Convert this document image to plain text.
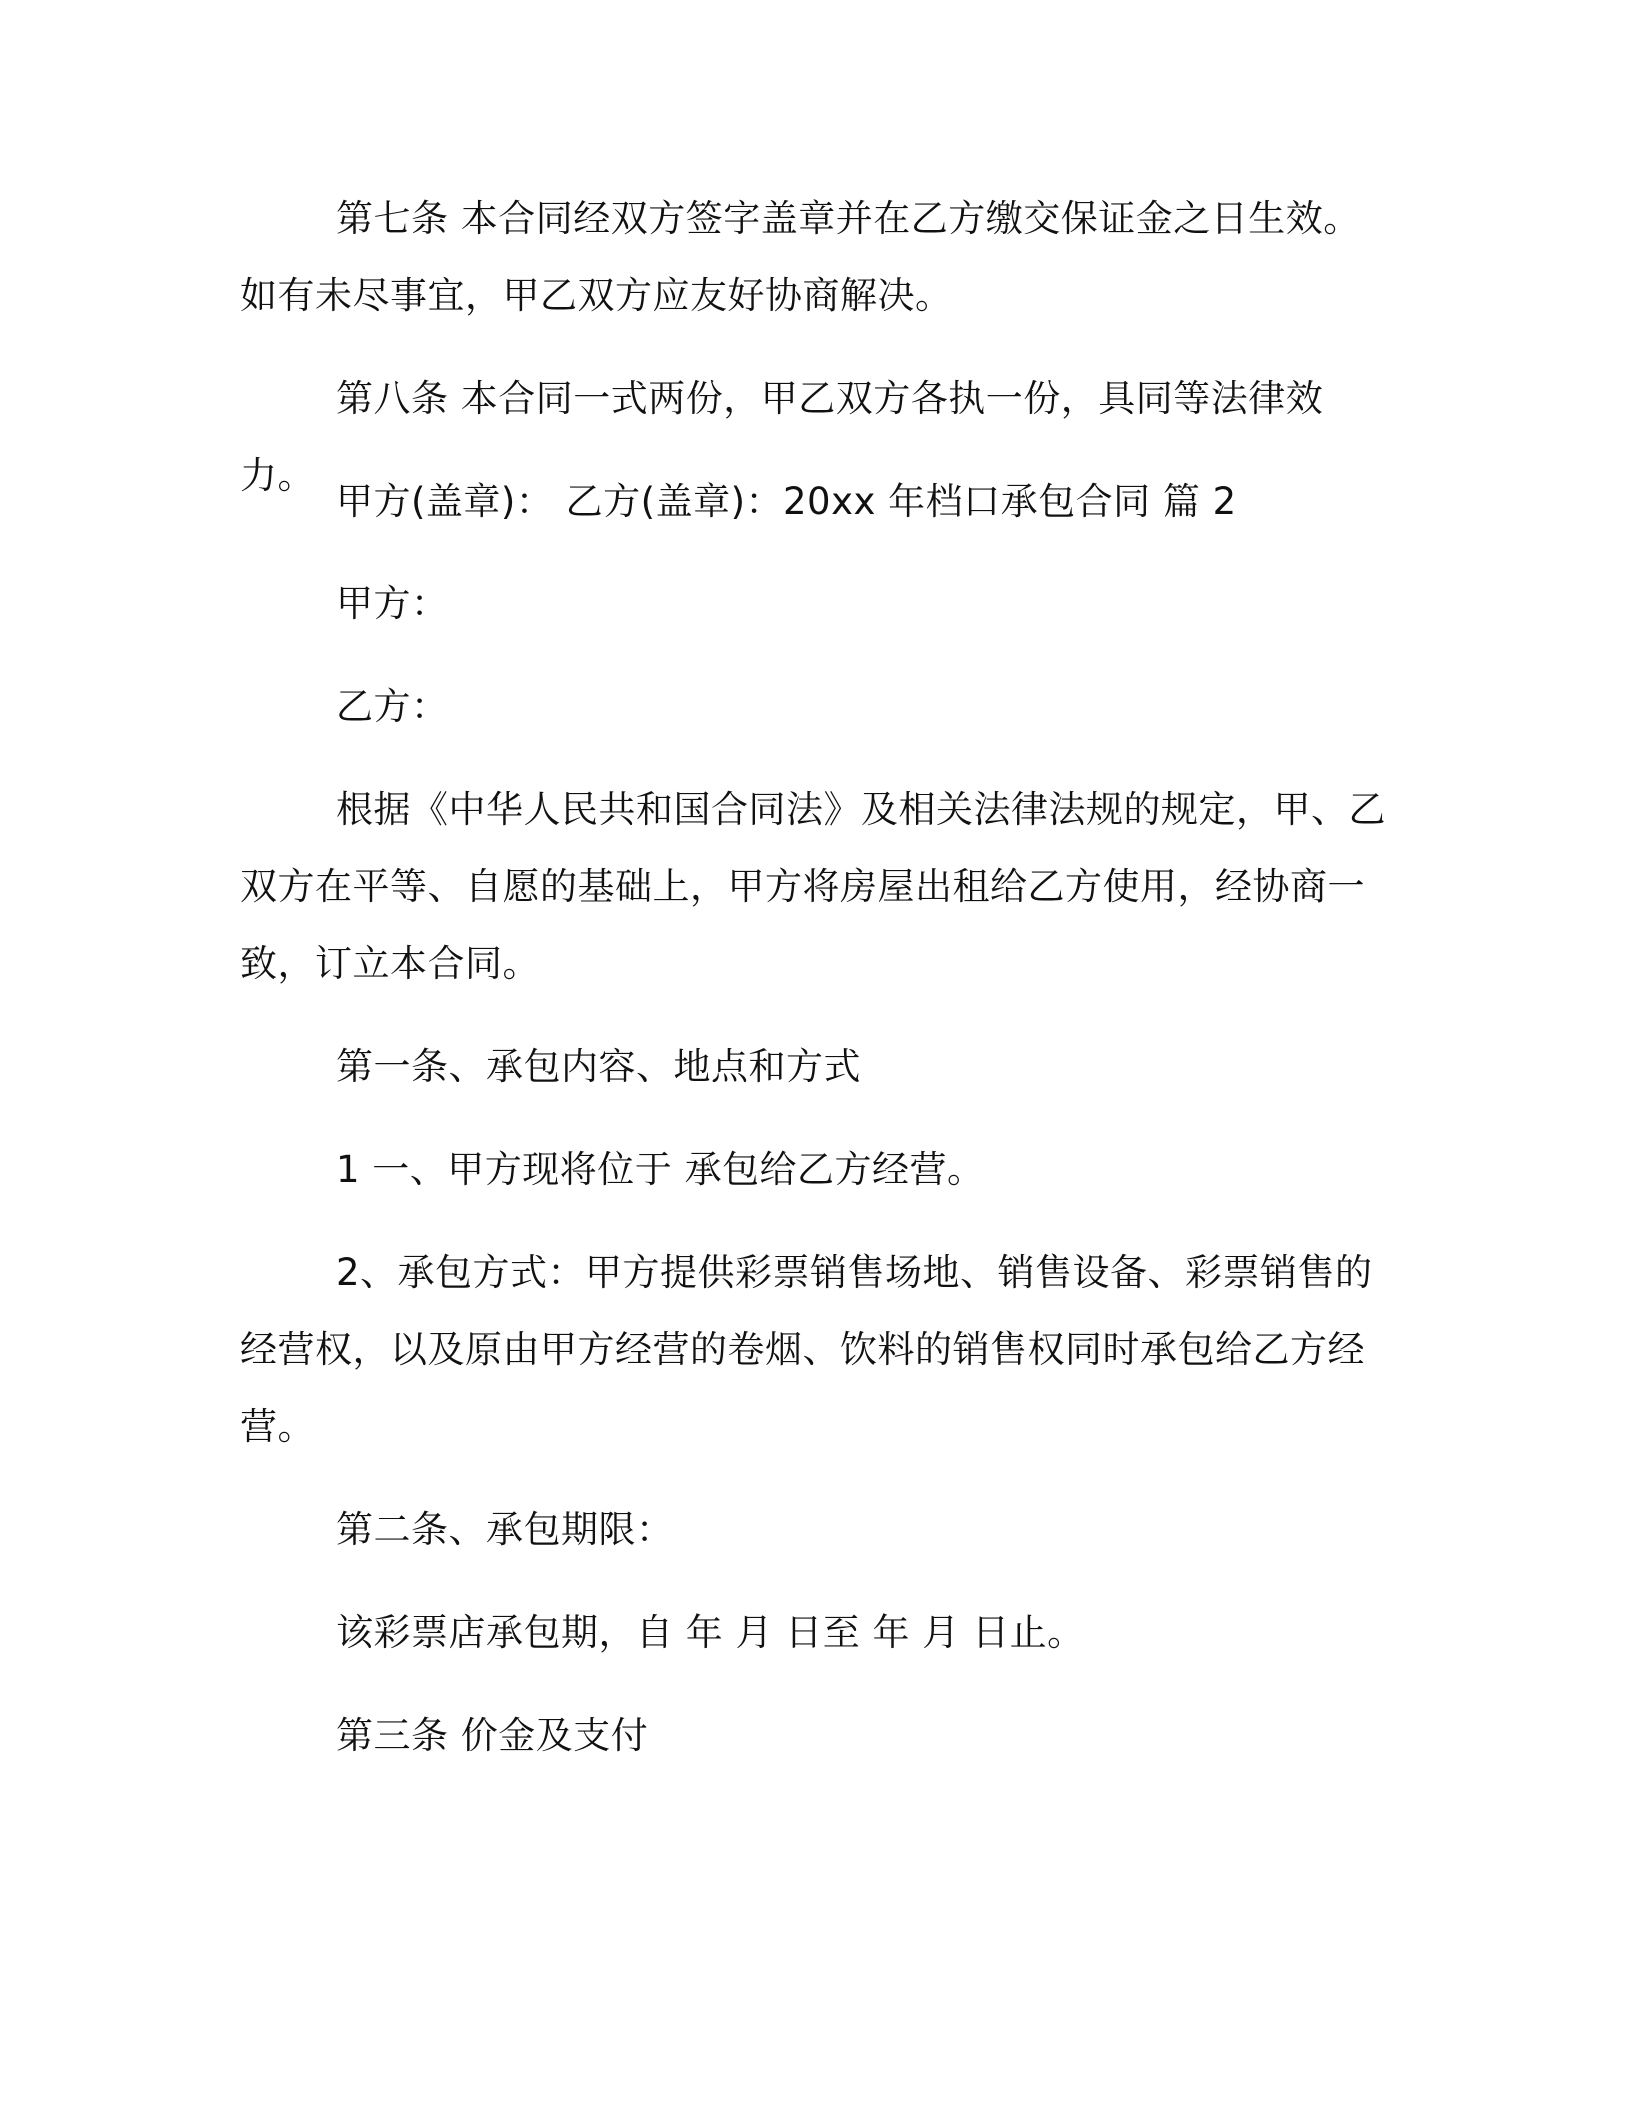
第七条 本合同经双方签字盖章并在乙方缴交保证金之日生效。如有未尽事宜，甲乙双方应友好协商解决。

第八条 本合同一式两份，甲乙双方各执一份，具同等法律效力。

甲方(盖章)： 乙方(盖章)：20xx 年档口承包合同 篇 2

甲方：

乙方：

根据《中华人民共和国合同法》及相关法律法规的规定，甲、乙双方在平等、自愿的基础上，甲方将房屋出租给乙方使用，经协商一致，订立本合同。

第一条、承包内容、地点和方式

1 一、甲方现将位于 承包给乙方经营。

2、承包方式：甲方提供彩票销售场地、销售设备、彩票销售的经营权，以及原由甲方经营的卷烟、饮料的销售权同时承包给乙方经营。

第二条、承包期限：

该彩票店承包期，自 年 月 日至 年 月 日止。

第三条 价金及支付
